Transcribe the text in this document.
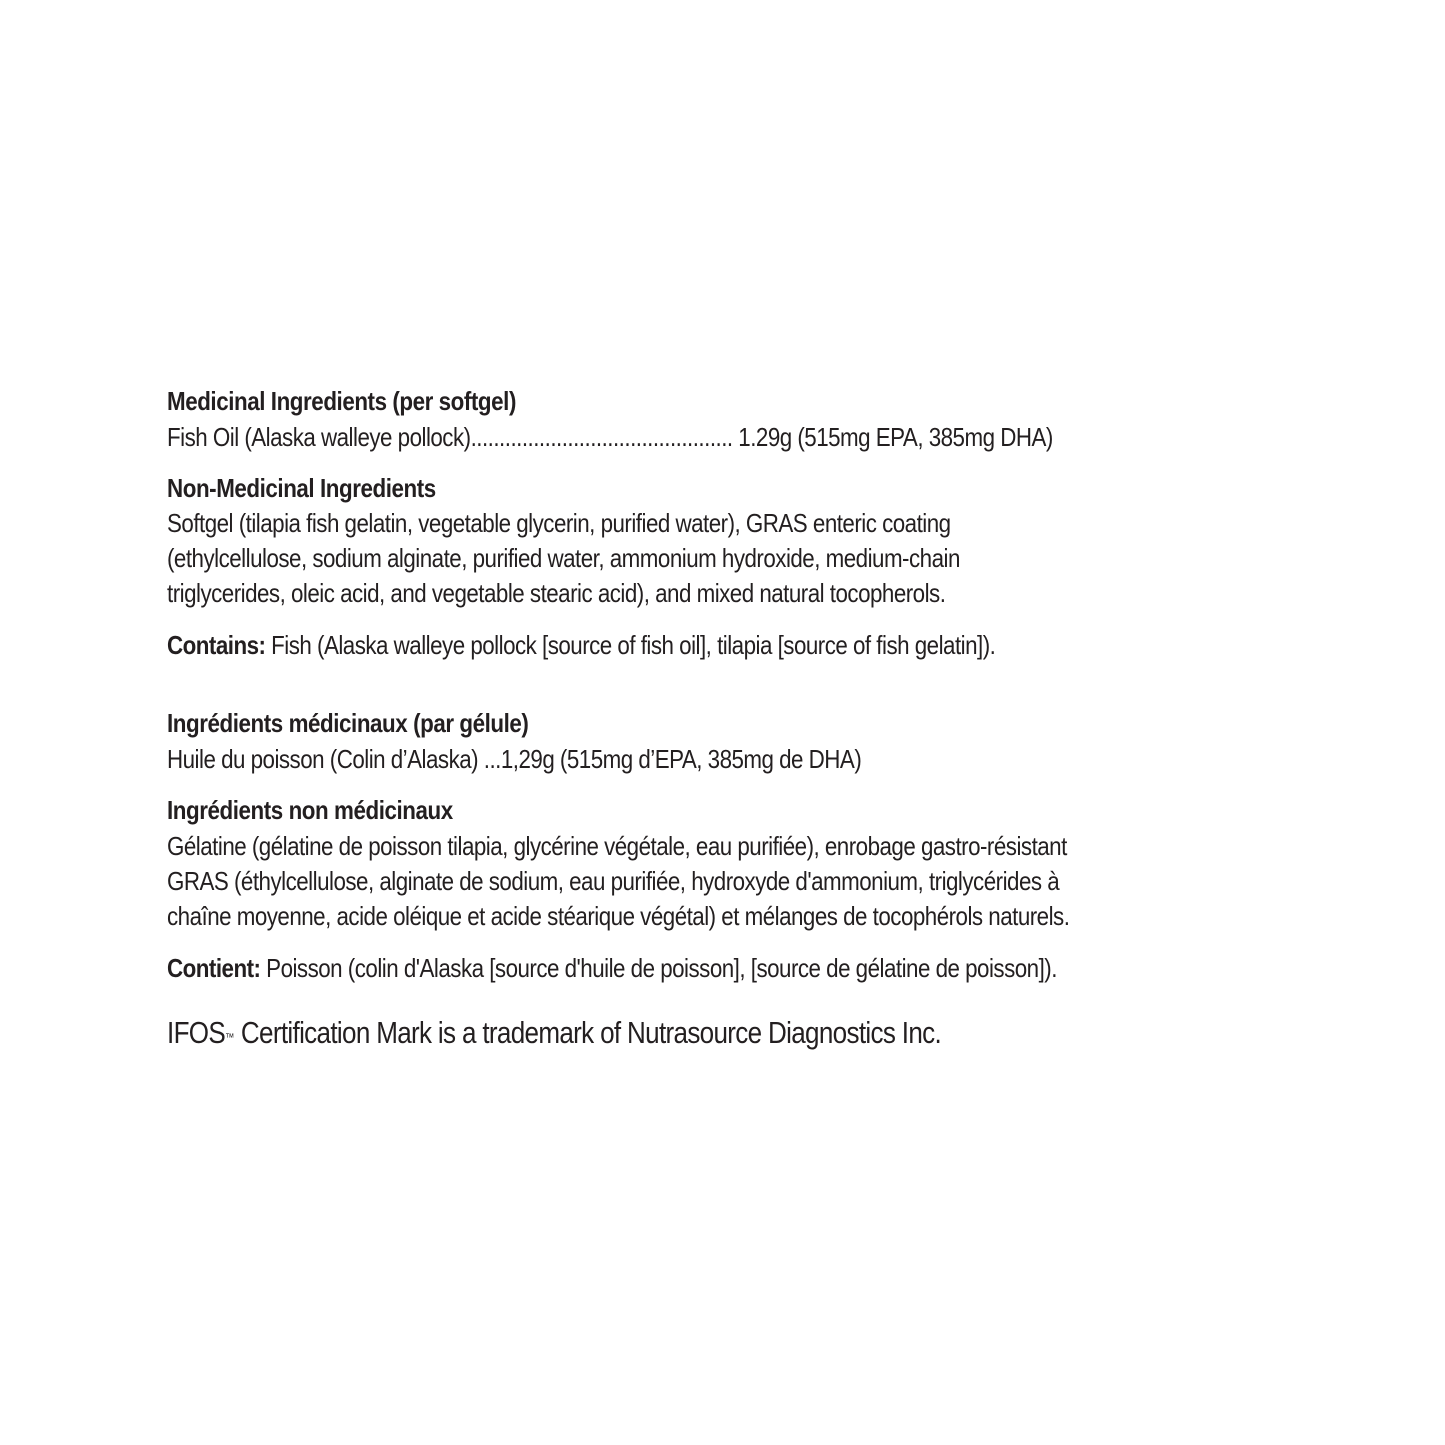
Medicinal Ingredients (per softgel)
Fish Oil (Alaska walleye pollock).............................................. 1.29g (515mg EPA, 385mg DHA)
Non-Medicinal Ingredients
Softgel (tilapia fish gelatin, vegetable glycerin, purified water), GRAS enteric coating
(ethylcellulose, sodium alginate, purified water, ammonium hydroxide, medium-chain
triglycerides, oleic acid, and vegetable stearic acid), and mixed natural tocopherols.
Contains: Fish (Alaska walleye pollock [source of fish oil], tilapia [source of fish gelatin]).
Ingrédients médicinaux (par gélule)
Huile du poisson (Colin d’Alaska) ...1,29g (515mg d’EPA, 385mg de DHA)
Ingrédients non médicinaux
Gélatine (gélatine de poisson tilapia, glycérine végétale, eau purifiée), enrobage gastro-résistant
GRAS (éthylcellulose, alginate de sodium, eau purifiée, hydroxyde d'ammonium, triglycérides à
chaîne moyenne, acide oléique et acide stéarique végétal) et mélanges de tocophérols naturels.
Contient: Poisson (colin d'Alaska [source d'huile de poisson], [source de gélatine de poisson]).
IFOS™ Certification Mark is a trademark of Nutrasource Diagnostics Inc.
